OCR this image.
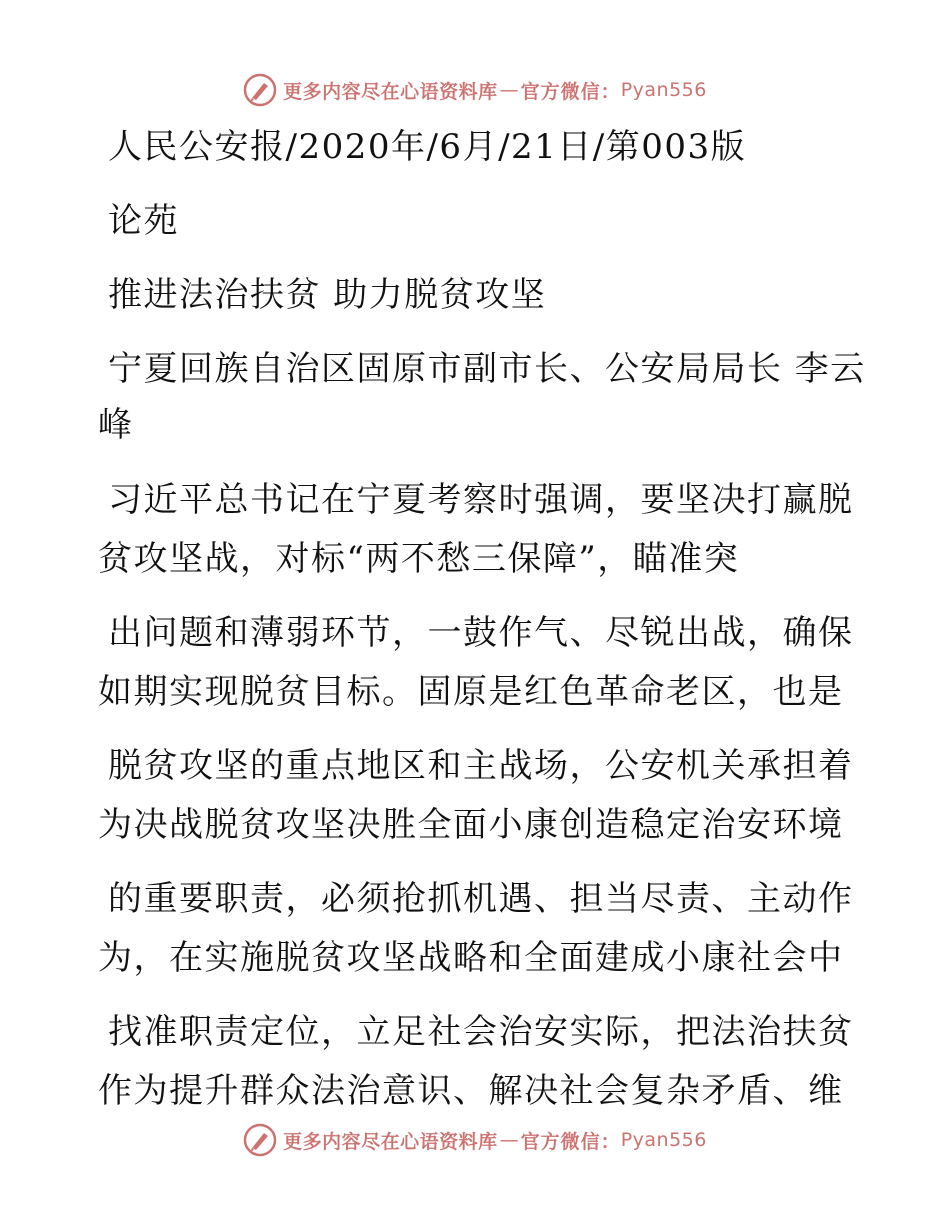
更多内容尽在心语资料库 — 官方微信： Pyan556
人民公安报/2020年/6月/21日/第003版
论苑
推进法治扶贫 助力脱贫攻坚
宁夏回族自治区固原市副市长、公安局局长 李云
峰
习近平总书记在宁夏考察时强调，要坚决打赢脱
贫攻坚战，对标“两不愁三保障”，瞄准突
出问题和薄弱环节，一鼓作气、尽锐出战，确保
如期实现脱贫目标。固原是红色革命老区，也是
脱贫攻坚的重点地区和主战场，公安机关承担着
为决战脱贫攻坚决胜全面小康创造稳定治安环境
的重要职责，必须抢抓机遇、担当尽责、主动作
为，在实施脱贫攻坚战略和全面建成小康社会中
找准职责定位，立足社会治安实际，把法治扶贫
作为提升群众法治意识、解决社会复杂矛盾、维
更多内容尽在心语资料库 — 官方微信： Pyan556
